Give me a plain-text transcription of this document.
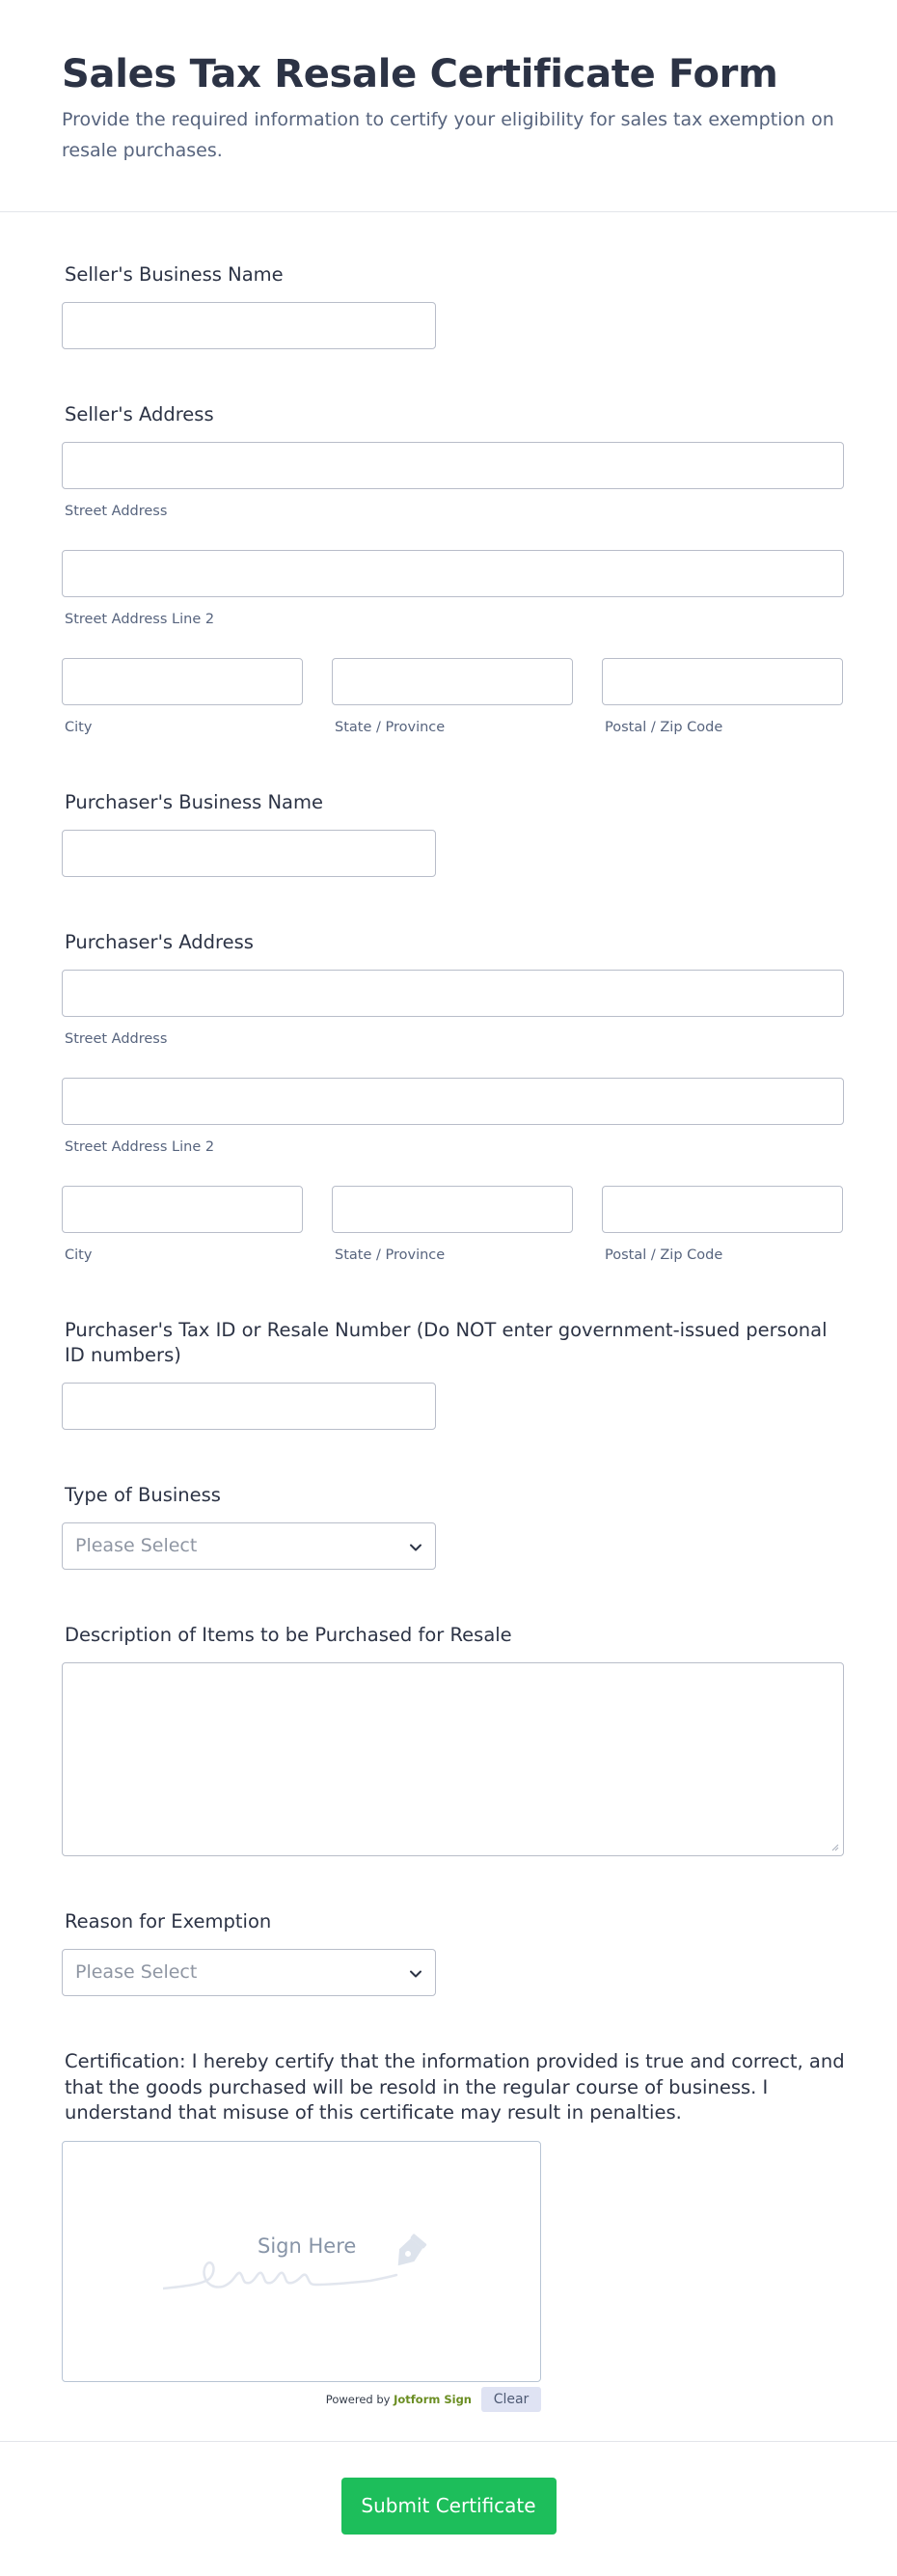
Sales Tax Resale Certificate Form

Provide the required information to certify your eligibility for sales tax exemption on resale purchases.

Seller's Business Name
Seller's Address
Street Address
Street Address Line 2
City	State / Province	Postal / Zip Code
Purchaser's Business Name
Purchaser's Address
Street Address
Street Address Line 2
City	State / Province	Postal / Zip Code
Purchaser's Tax ID or Resale Number (Do NOT enter government-issued personal ID numbers)
Type of Business
Please Select
Description of Items to be Purchased for Resale
Reason for Exemption
Please Select
Certification: I hereby certify that the information provided is true and correct, and that the goods purchased will be resold in the regular course of business. I understand that misuse of this certificate may result in penalties.
Sign Here
Powered by Jotform Sign	Clear
Submit Certificate
